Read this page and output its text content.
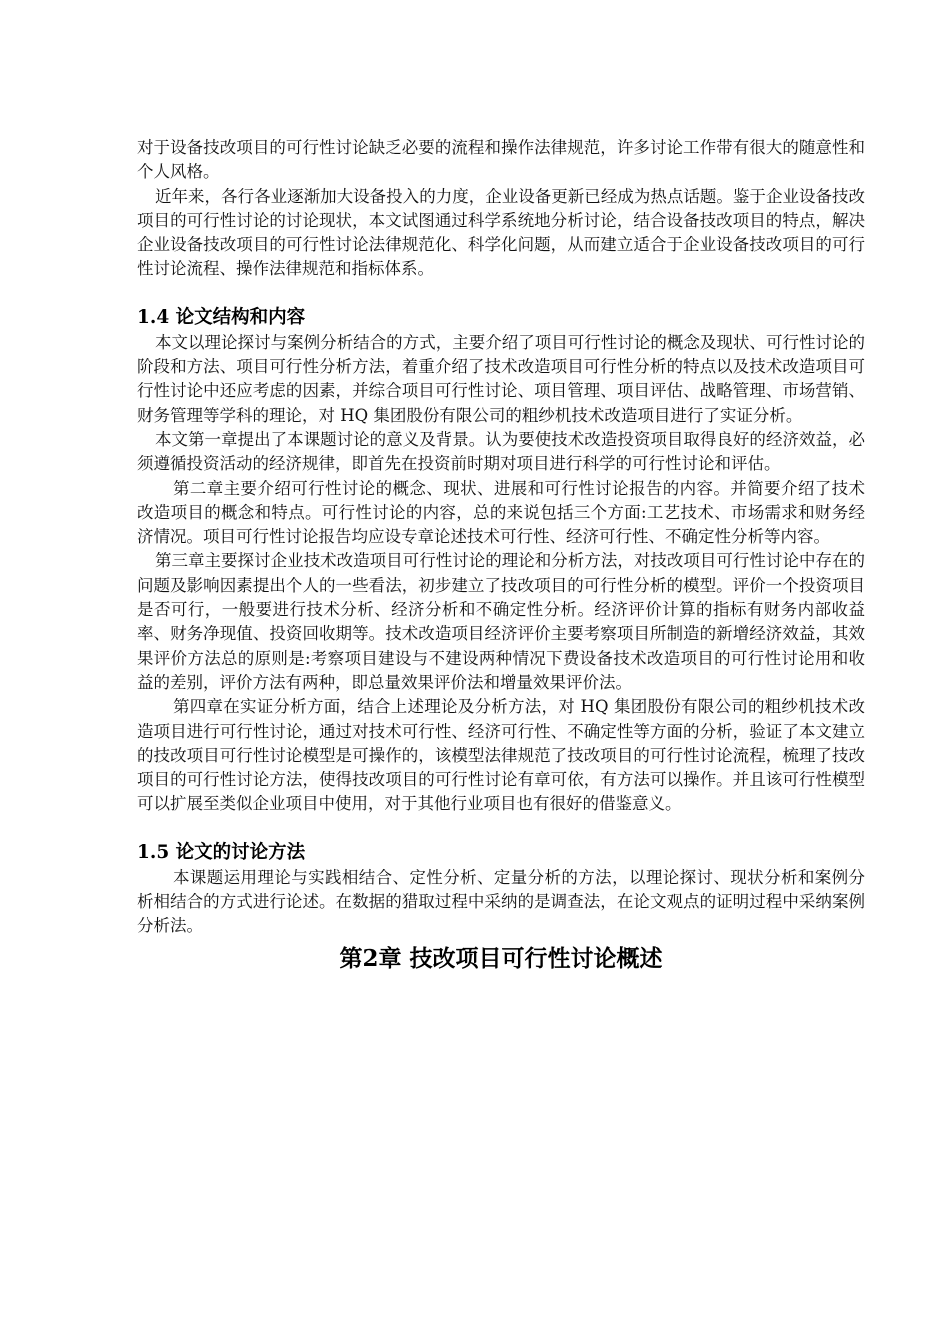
对于设备技改项目的可行性讨论缺乏必要的流程和操作法律规范，许多讨论工作带有很大的随意性和个人风格。

近年来，各行各业逐渐加大设备投入的力度，企业设备更新已经成为热点话题。鉴于企业设备技改项目的可行性讨论的讨论现状，本文试图通过科学系统地分析讨论，结合设备技改项目的特点，解决企业设备技改项目的可行性讨论法律规范化、科学化问题，从而建立适合于企业设备技改项目的可行性讨论流程、操作法律规范和指标体系。

1.4 论文结构和内容

本文以理论探讨与案例分析结合的方式，主要介绍了项目可行性讨论的概念及现状、可行性讨论的阶段和方法、项目可行性分析方法，着重介绍了技术改造项目可行性分析的特点以及技术改造项目可行性讨论中还应考虑的因素，并综合项目可行性讨论、项目管理、项目评估、战略管理、市场营销、财务管理等学科的理论，对 HQ 集团股份有限公司的粗纱机技术改造项目进行了实证分析。

本文第一章提出了本课题讨论的意义及背景。认为要使技术改造投资项目取得良好的经济效益，必须遵循投资活动的经济规律，即首先在投资前时期对项目进行科学的可行性讨论和评估。

第二章主要介绍可行性讨论的概念、现状、进展和可行性讨论报告的内容。并简要介绍了技术改造项目的概念和特点。可行性讨论的内容，总的来说包括三个方面:工艺技术、市场需求和财务经济情况。项目可行性讨论报告均应设专章论述技术可行性、经济可行性、不确定性分析等内容。

第三章主要探讨企业技术改造项目可行性讨论的理论和分析方法，对技改项目可行性讨论中存在的问题及影响因素提出个人的一些看法，初步建立了技改项目的可行性分析的模型。评价一个投资项目是否可行，一般要进行技术分析、经济分析和不确定性分析。经济评价计算的指标有财务内部收益率、财务净现值、投资回收期等。技术改造项目经济评价主要考察项目所制造的新增经济效益，其效果评价方法总的原则是:考察项目建设与不建设两种情况下费设备技术改造项目的可行性讨论用和收益的差别，评价方法有两种，即总量效果评价法和增量效果评价法。

第四章在实证分析方面，结合上述理论及分析方法，对 HQ 集团股份有限公司的粗纱机技术改造项目进行可行性讨论，通过对技术可行性、经济可行性、不确定性等方面的分析，验证了本文建立的技改项目可行性讨论模型是可操作的，该模型法律规范了技改项目的可行性讨论流程，梳理了技改项目的可行性讨论方法，使得技改项目的可行性讨论有章可依，有方法可以操作。并且该可行性模型可以扩展至类似企业项目中使用，对于其他行业项目也有很好的借鉴意义。

1.5 论文的讨论方法

本课题运用理论与实践相结合、定性分析、定量分析的方法，以理论探讨、现状分析和案例分析相结合的方式进行论述。在数据的猎取过程中采纳的是调查法，在论文观点的证明过程中采纳案例分析法。

第2章 技改项目可行性讨论概述
